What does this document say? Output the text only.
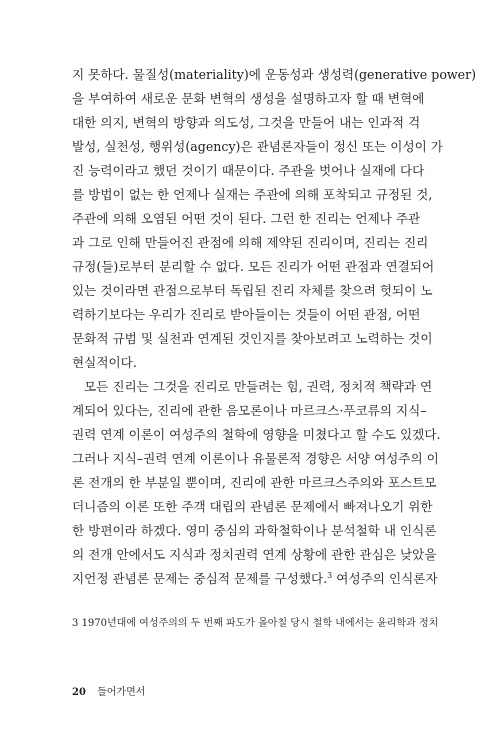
지 못하다. 물질성(materiality)에 운동성과 생성력(generative power)
을 부여하여 새로운 문화 변혁의 생성을 설명하고자 할 때 변혁에
대한 의지, 변혁의 방향과 의도성, 그것을 만들어 내는 인과적 걱
발성, 실천성, 행위성(agency)은 관념론자들이 정신 또는 이성이 가
진 능력이라고 했던 것이기 때문이다. 주관을 벗어나 실재에 다다
를 방법이 없는 한 언제나 실재는 주관에 의해 포착되고 규정된 것,
주관에 의해 오염된 어떤 것이 된다. 그런 한 진리는 언제나 주관
과 그로 인해 만들어진 관점에 의해 제약된 진리이며, 진리는 진리
규정(들)로부터 분리할 수 없다. 모든 진리가 어떤 관점과 연결되어
있는 것이라면 관점으로부터 독립된 진리 자체를 찾으려 헛되이 노
력하기보다는 우리가 진리로 받아들이는 것들이 어떤 관점, 어떤
문화적 규범 및 실천과 연계된 것인지를 찾아보려고 노력하는 것이
현실적이다.
모든 진리는 그것을 진리로 만들려는 힘, 권력, 정치적 책략과 연
계되어 있다는, 진리에 관한 음모론이나 마르크스·푸코류의 지식–
권력 연계 이론이 여성주의 철학에 영향을 미쳤다고 할 수도 있겠다.
그러나 지식–권력 연계 이론이나 유물론적 경향은 서양 여성주의 이
론 전개의 한 부분일 뿐이며, 진리에 관한 마르크스주의와 포스트모
더니즘의 이론 또한 주객 대립의 관념론 문제에서 빠져나오기 위한
한 방편이라 하겠다. 영미 중심의 과학철학이나 분석철학 내 인식론
의 전개 안에서도 지식과 정치권력 연계 상황에 관한 관심은 낮았을
지언정 관념론 문제는 중심적 문제를 구성했다.$^3$ 여성주의 인식론자
3 1970년대에 여성주의의 두 번째 파도가 몰아칠 당시 철학 내에서는 윤리학과 정치
20 들어가면서
